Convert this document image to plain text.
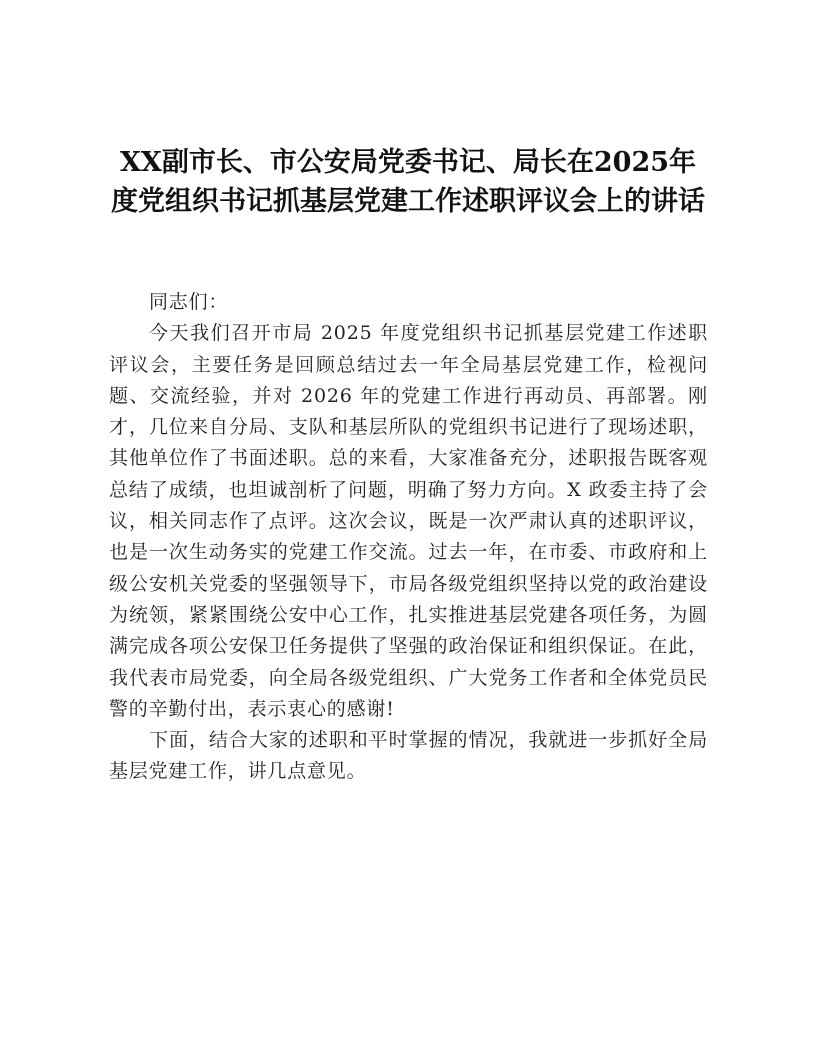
XX副市长、市公安局党委书记、局长在2025年度党组织书记抓基层党建工作述职评议会上的讲话

同志们：

今天我们召开市局 2025 年度党组织书记抓基层党建工作述职评议会，主要任务是回顾总结过去一年全局基层党建工作，检视问题、交流经验，并对 2026 年的党建工作进行再动员、再部署。刚才，几位来自分局、支队和基层所队的党组织书记进行了现场述职，其他单位作了书面述职。总的来看，大家准备充分，述职报告既客观总结了成绩，也坦诚剖析了问题，明确了努力方向。X 政委主持了会议，相关同志作了点评。这次会议，既是一次严肃认真的述职评议，也是一次生动务实的党建工作交流。过去一年，在市委、市政府和上级公安机关党委的坚强领导下，市局各级党组织坚持以党的政治建设为统领，紧紧围绕公安中心工作，扎实推进基层党建各项任务，为圆满完成各项公安保卫任务提供了坚强的政治保证和组织保证。在此，我代表市局党委，向全局各级党组织、广大党务工作者和全体党员民警的辛勤付出，表示衷心的感谢!

下面，结合大家的述职和平时掌握的情况，我就进一步抓好全局基层党建工作，讲几点意见。
